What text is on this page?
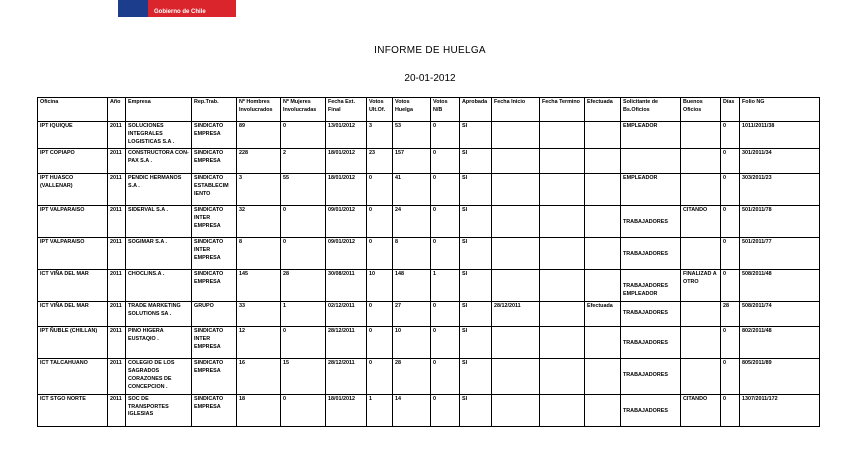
Gobierno de Chile
INFORME DE HUELGA
20-01-2012
Oficina	Año	Empresa	Rep.Trab.	Nº Hombres Involucrados	Nº Mujeres Involucradas	Fecha Ext. Final	Votos Ult.Of.	Votos Huelga	Votos N/B	Aprobada	Fecha Inicio	Fecha Termino	Efectuada	Solicitante de Bs.Oficios	Buenos Oficios	Días	Folio NG
IPT IQUIQUE	2011	SOLUCIONES INTEGRALES LOGISTICAS S.A .	SINDICATO EMPRESA	89	0	13/01/2012	3	53	0	SI				EMPLEADOR		0	1011/2011/38
IPT COPIAPO	2011	CONSTRUCTORA CON-PAX S.A .	SINDICATO EMPRESA	228	2	18/01/2012	23	157	0	SI						0	301/2011/34
IPT HUASCO (VALLENAR)	2011	PENDIC HERMANOS S.A .	SINDICATO ESTABLECIM IENTO	3	55	18/01/2012	0	41	0	SI				EMPLEADOR		0	303/2011/23
IPT VALPARAISO	2011	SIDERVAL S.A .	SINDICATO INTER EMPRESA	32	0	09/01/2012	0	24	0	SI				TRABAJADORES	CITANDO	0	501/2011/78
IPT VALPARAISO	2011	SOGIMAR S.A .	SINDICATO INTER EMPRESA	8	0	09/01/2012	0	8	0	SI				TRABAJADORES		0	501/2011/77
ICT VIÑA DEL MAR	2011	CHOCLINS.A .	SINDICATO EMPRESA	145	28	30/08/2011	10	148	1	SI				TRABAJADORES EMPLEADOR	FINALIZAD A OTRO	0	508/2011/48
ICT VIÑA DEL MAR	2011	TRADE MARKETING SOLUTIONS SA .	GRUPO	33	1	02/12/2011	0	27	0	SI	28/12/2011		Efectuada	TRABAJADORES		28	508/2011/74
IPT ÑUBLE (CHILLAN)	2011	PINO HIGERA EUSTAQIO .	SINDICATO INTER EMPRESA	12	0	28/12/2011	0	10	0	SI				TRABAJADORES		0	802/2011/48
ICT TALCAHUANO	2011	COLEGIO DE LOS SAGRADOS CORAZONES DE CONCEPCION .	SINDICATO EMPRESA	16	15	28/12/2011	0	28	0	SI				TRABAJADORES		0	805/2011/89
ICT STGO NORTE	2011	SOC DE TRANSPORTES IGLESIAS	SINDICATO EMPRESA	18	0	18/01/2012	1	14	0	SI				TRABAJADORES	CITANDO	0	1307/2011/172
